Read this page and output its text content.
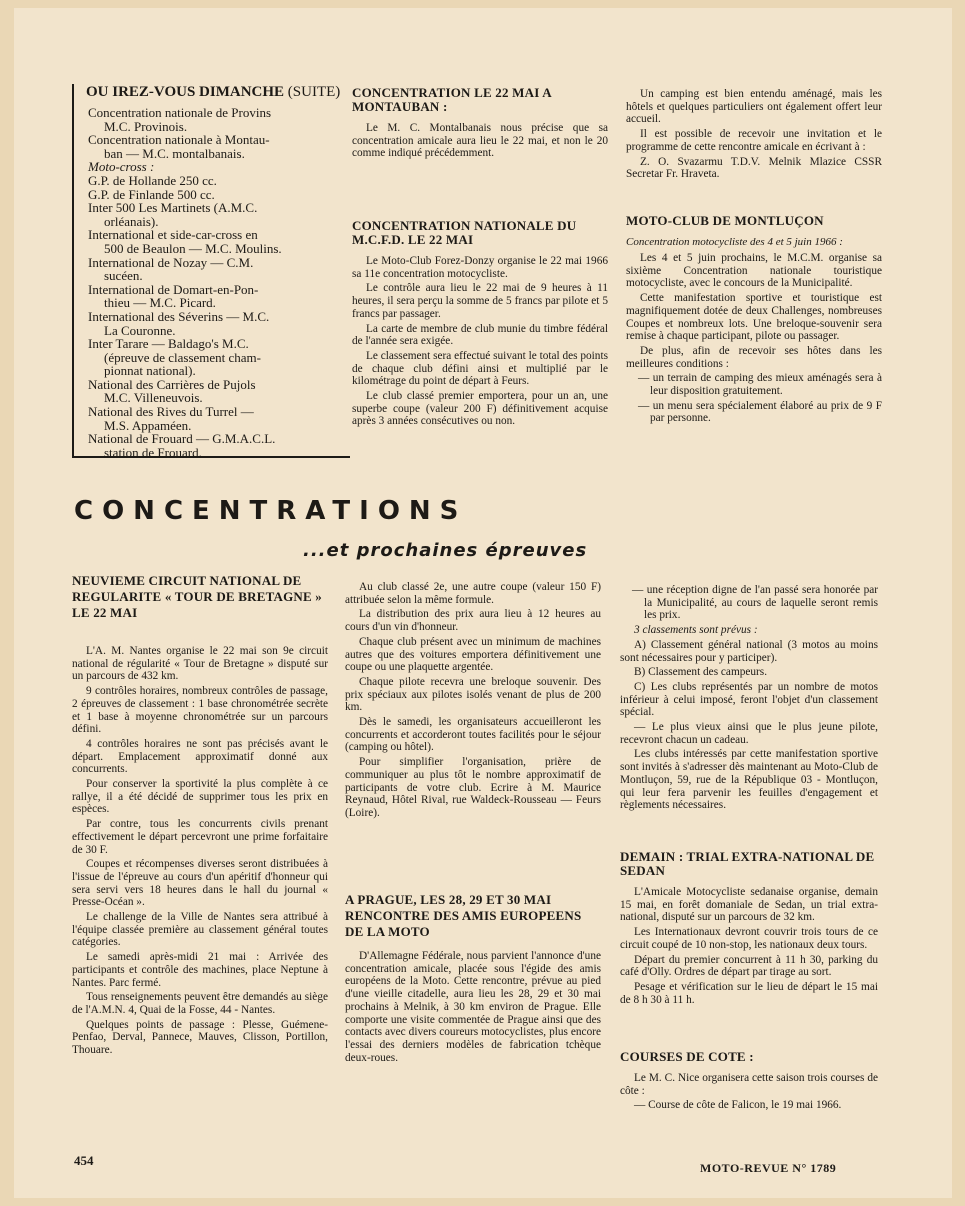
OU IREZ-VOUS DIMANCHE (SUITE)
Concentration nationale de Provins
M.C. Provinois.
Concentration nationale à Montau-
ban — M.C. montalbanais.
Moto-cross :
G.P. de Hollande 250 cc.
G.P. de Finlande 500 cc.
Inter 500 Les Martinets (A.M.C.
orléanais).
International et side-car-cross en
500 de Beaulon — M.C. Moulins.
International de Nozay — C.M.
sucéen.
International de Domart-en-Pon-
thieu — M.C. Picard.
International des Séverins — M.C.
La Couronne.
Inter Tarare — Baldago's M.C.
(épreuve de classement cham-
pionnat national).
National des Carrières de Pujols
M.C. Villeneuvois.
National des Rives du Turrel —
M.S. Appaméen.
National de Frouard — G.M.A.C.L.
station de Frouard.
CONCENTRATION LE 22 MAI A MONTAUBAN :

Le M. C. Montalbanais nous précise que sa concentration amicale aura lieu le 22 mai, et non le 20 comme indiqué précédemment.

CONCENTRATION NATIONALE DU M.C.F.D. LE 22 MAI

Le Moto-Club Forez-Donzy organise le 22 mai 1966 sa 11e concentration motocycliste.

Le contrôle aura lieu le 22 mai de 9 heures à 11 heures, il sera perçu la somme de 5 francs par pilote et 5 francs par passager.

La carte de membre de club munie du timbre fédéral de l'année sera exigée.

Le classement sera effectué suivant le total des points de chaque club défini ainsi et multiplié par le kilométrage du point de départ à Feurs.

Le club classé premier emportera, pour un an, une superbe coupe (valeur 200 F) définitivement acquise après 3 années consécutives ou non.

Un camping est bien entendu aménagé, mais les hôtels et quelques particuliers ont également offert leur accueil.

Il est possible de recevoir une invitation et le programme de cette rencontre amicale en écrivant à :

Z. O. Svazarmu T.D.V. Melnik Mlazice CSSR Secretar Fr. Hraveta.

MOTO-CLUB DE MONTLUÇON
Concentration motocycliste des 4 et 5 juin 1966 :

Les 4 et 5 juin prochains, le M.C.M. organise sa sixième Concentration nationale touristique motocycliste, avec le concours de la Municipalité.

Cette manifestation sportive et touristique est magnifiquement dotée de deux Challenges, nombreuses Coupes et nombreux lots. Une breloque-souvenir sera remise à chaque participant, pilote ou passager.

De plus, afin de recevoir ses hôtes dans les meilleures conditions :

— un terrain de camping des mieux aménagés sera à leur disposition gratuitement.

— un menu sera spécialement élaboré au prix de 9 F par personne.

CONCENTRATIONS
...et prochaines épreuves
NEUVIEME CIRCUIT NATIONAL DE REGULARITE « TOUR DE BRETAGNE » LE 22 MAI

L'A. M. Nantes organise le 22 mai son 9e circuit national de régularité « Tour de Bretagne » disputé sur un parcours de 432 km.

9 contrôles horaires, nombreux contrôles de passage, 2 épreuves de classement : 1 base chronométrée secrète et 1 base à moyenne chronométrée sur un parcours défini.

4 contrôles horaires ne sont pas précisés avant le départ. Emplacement approximatif donné aux concurrents.

Pour conserver la sportivité la plus complète à ce rallye, il a été décidé de supprimer tous les prix en espèces.

Par contre, tous les concurrents civils prenant effectivement le départ percevront une prime forfaitaire de 30 F.

Coupes et récompenses diverses seront distribuées à l'issue de l'épreuve au cours d'un apéritif d'honneur qui sera servi vers 18 heures dans le hall du journal « Presse-Océan ».

Le challenge de la Ville de Nantes sera attribué à l'équipe classée première au classement général toutes catégories.

Le samedi après-midi 21 mai : Arrivée des participants et contrôle des machines, place Neptune à Nantes. Parc fermé.

Tous renseignements peuvent être demandés au siège de l'A.M.N. 4, Quai de la Fosse, 44 - Nantes.

Quelques points de passage : Plesse, Guémene-Penfao, Derval, Pannece, Mauves, Clisson, Portillon, Thouare.

Au club classé 2e, une autre coupe (valeur 150 F) attribuée selon la même formule.

La distribution des prix aura lieu à 12 heures au cours d'un vin d'honneur.

Chaque club présent avec un minimum de machines autres que des voitures emportera définitivement une coupe ou une plaquette argentée.

Chaque pilote recevra une breloque souvenir. Des prix spéciaux aux pilotes isolés venant de plus de 200 km.

Dès le samedi, les organisateurs accueilleront les concurrents et accorderont toutes facilités pour le séjour (camping ou hôtel).

Pour simplifier l'organisation, prière de communiquer au plus tôt le nombre approximatif de participants de votre club. Ecrire à M. Maurice Reynaud, Hôtel Rival, rue Waldeck-Rousseau — Feurs (Loire).

A PRAGUE, LES 28, 29 ET 30 MAI RENCONTRE DES AMIS EUROPEENS DE LA MOTO

D'Allemagne Fédérale, nous parvient l'annonce d'une concentration amicale, placée sous l'égide des amis européens de la Moto. Cette rencontre, prévue au pied d'une vieille citadelle, aura lieu les 28, 29 et 30 mai prochains à Melnik, à 30 km environ de Prague. Elle comporte une visite commentée de Prague ainsi que des contacts avec divers coureurs motocyclistes, plus encore l'essai des derniers modèles de fabrication tchèque deux-roues.

— une réception digne de l'an passé sera honorée par la Municipalité, au cours de laquelle seront remis les prix.

3 classements sont prévus :

A) Classement général national (3 motos au moins sont nécessaires pour y participer).

B) Classement des campeurs.

C) Les clubs représentés par un nombre de motos inférieur à celui imposé, feront l'objet d'un classement spécial.

— Le plus vieux ainsi que le plus jeune pilote, recevront chacun un cadeau.

Les clubs intéressés par cette manifestation sportive sont invités à s'adresser dès maintenant au Moto-Club de Montluçon, 59, rue de la République 03 - Montluçon, qui leur fera parvenir les feuilles d'engagement et règlements nécessaires.

DEMAIN : TRIAL EXTRA-NATIONAL DE SEDAN

L'Amicale Motocycliste sedanaise organise, demain 15 mai, en forêt domaniale de Sedan, un trial extra-national, disputé sur un parcours de 32 km.

Les Internationaux devront couvrir trois tours de ce circuit coupé de 10 non-stop, les nationaux deux tours.

Départ du premier concurrent à 11 h 30, parking du café d'Olly. Ordres de départ par tirage au sort.

Pesage et vérification sur le lieu de départ le 15 mai de 8 h 30 à 11 h.

COURSES DE COTE :

Le M. C. Nice organisera cette saison trois courses de côte :

— Course de côte de Falicon, le 19 mai 1966.

454	MOTO-REVUE N° 1789
